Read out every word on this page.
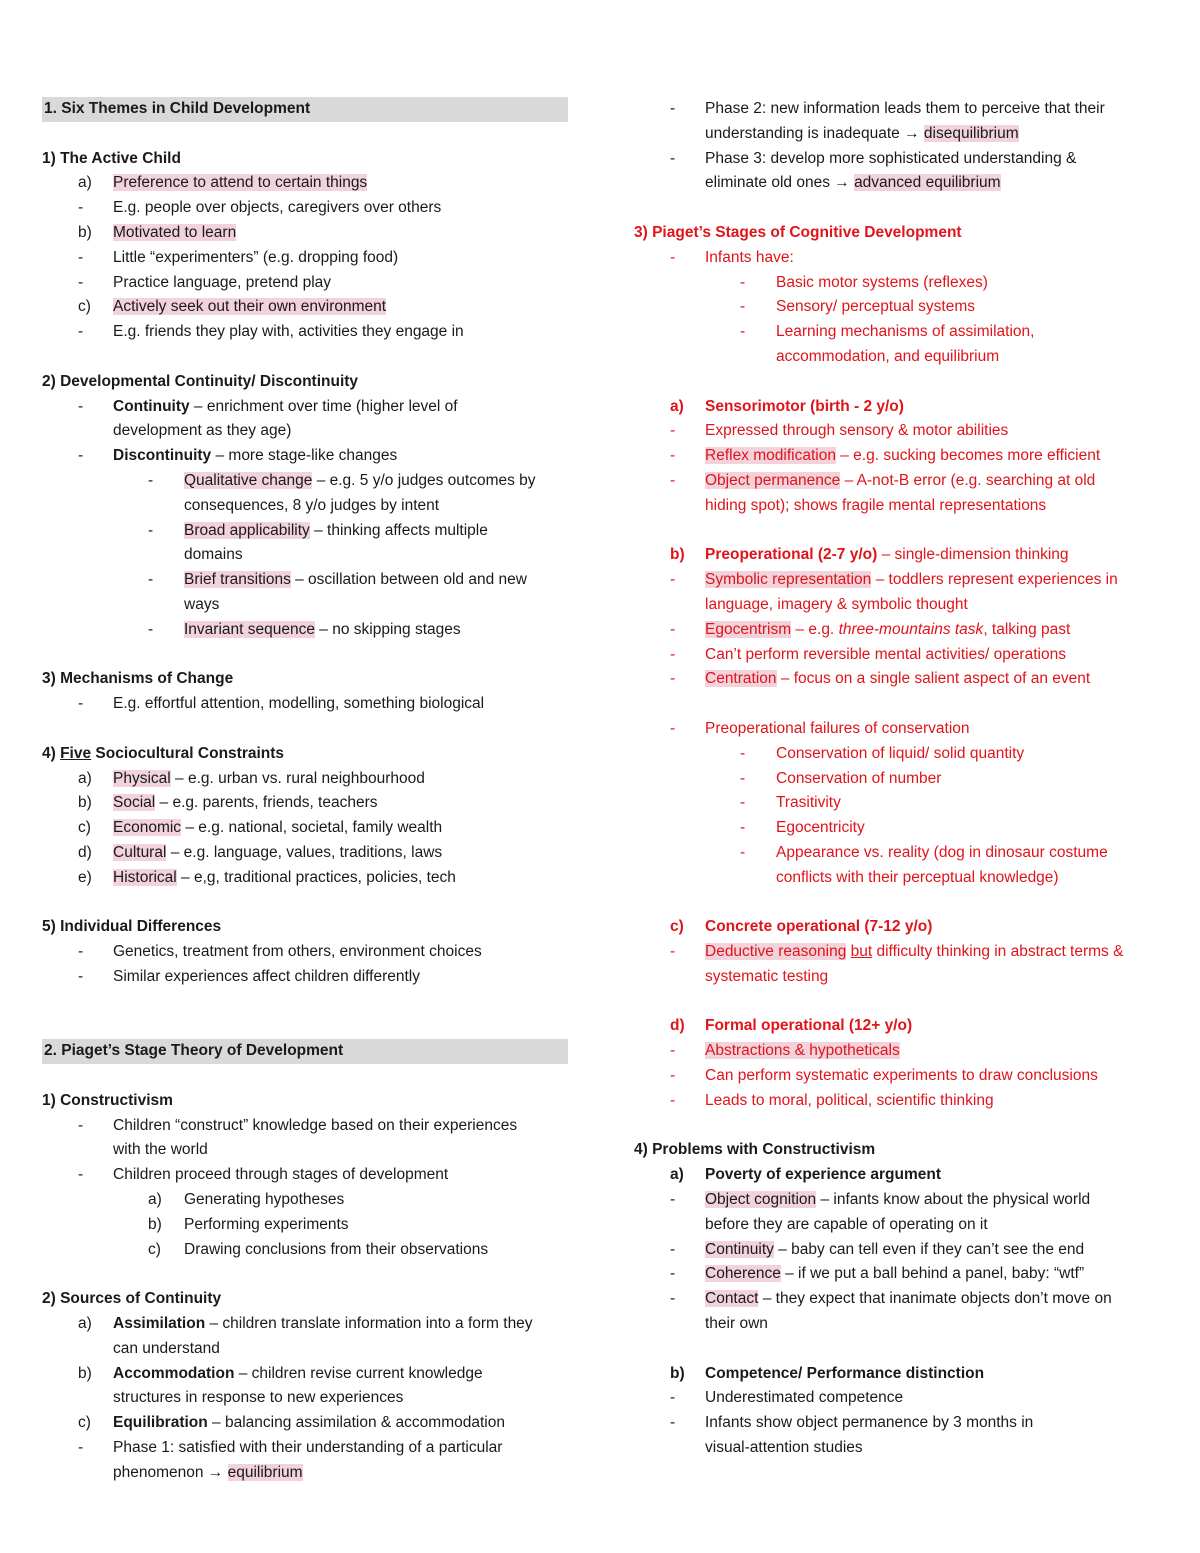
1. Six Themes in Child Development
1) The Active Child
a)	Preference to attend to certain things
-	E.g. people over objects, caregivers over others
b)	Motivated to learn
-	Little “experimenters” (e.g. dropping food)
-	Practice language, pretend play
c)	Actively seek out their own environment
-	E.g. friends they play with, activities they engage in
2) Developmental Continuity/ Discontinuity
-	Continuity – enrichment over time (higher level of
development as they age)
-	Discontinuity – more stage-like changes
-	Qualitative change – e.g. 5 y/o judges outcomes by
consequences, 8 y/o judges by intent
-	Broad applicability – thinking affects multiple
domains
-	Brief transitions – oscillation between old and new
ways
-	Invariant sequence – no skipping stages
3) Mechanisms of Change
-	E.g. effortful attention, modelling, something biological
4) Five Sociocultural Constraints
a)	Physical – e.g. urban vs. rural neighbourhood
b)	Social – e.g. parents, friends, teachers
c)	Economic – e.g. national, societal, family wealth
d)	Cultural – e.g. language, values, traditions, laws
e)	Historical – e,g, traditional practices, policies, tech
5) Individual Differences
-	Genetics, treatment from others, environment choices
-	Similar experiences affect children differently
2. Piaget’s Stage Theory of Development
1) Constructivism
-	Children “construct” knowledge based on their experiences
with the world
-	Children proceed through stages of development
a)	Generating hypotheses
b)	Performing experiments
c)	Drawing conclusions from their observations
2) Sources of Continuity
a)	Assimilation – children translate information into a form they
can understand
b)	Accommodation – children revise current knowledge
structures in response to new experiences
c)	Equilibration – balancing assimilation & accommodation
-	Phase 1: satisfied with their understanding of a particular
phenomenon → equilibrium
-	Phase 2: new information leads them to perceive that their
understanding is inadequate → disequilibrium
-	Phase 3: develop more sophisticated understanding &
eliminate old ones → advanced equilibrium
3) Piaget’s Stages of Cognitive Development
-	Infants have:
-	Basic motor systems (reflexes)
-	Sensory/ perceptual systems
-	Learning mechanisms of assimilation,
accommodation, and equilibrium
a)	Sensorimotor (birth - 2 y/o)
-	Expressed through sensory & motor abilities
-	Reflex modification – e.g. sucking becomes more efficient
-	Object permanence – A-not-B error (e.g. searching at old
hiding spot); shows fragile mental representations
b)	Preoperational (2-7 y/o) – single-dimension thinking
-	Symbolic representation – toddlers represent experiences in
language, imagery & symbolic thought
-	Egocentrism – e.g. three-mountains task, talking past
-	Can’t perform reversible mental activities/ operations
-	Centration – focus on a single salient aspect of an event
-	Preoperational failures of conservation
-	Conservation of liquid/ solid quantity
-	Conservation of number
-	Trasitivity
-	Egocentricity
-	Appearance vs. reality (dog in dinosaur costume
conflicts with their perceptual knowledge)
c)	Concrete operational (7-12 y/o)
-	Deductive reasoning but difficulty thinking in abstract terms &
systematic testing
d)	Formal operational (12+ y/o)
-	Abstractions & hypotheticals
-	Can perform systematic experiments to draw conclusions
-	Leads to moral, political, scientific thinking
4) Problems with Constructivism
a)	Poverty of experience argument
-	Object cognition – infants know about the physical world
before they are capable of operating on it
-	Continuity – baby can tell even if they can’t see the end
-	Coherence – if we put a ball behind a panel, baby: “wtf”
-	Contact – they expect that inanimate objects don’t move on
their own
b)	Competence/ Performance distinction
-	Underestimated competence
-	Infants show object permanence by 3 months in
visual-attention studies
